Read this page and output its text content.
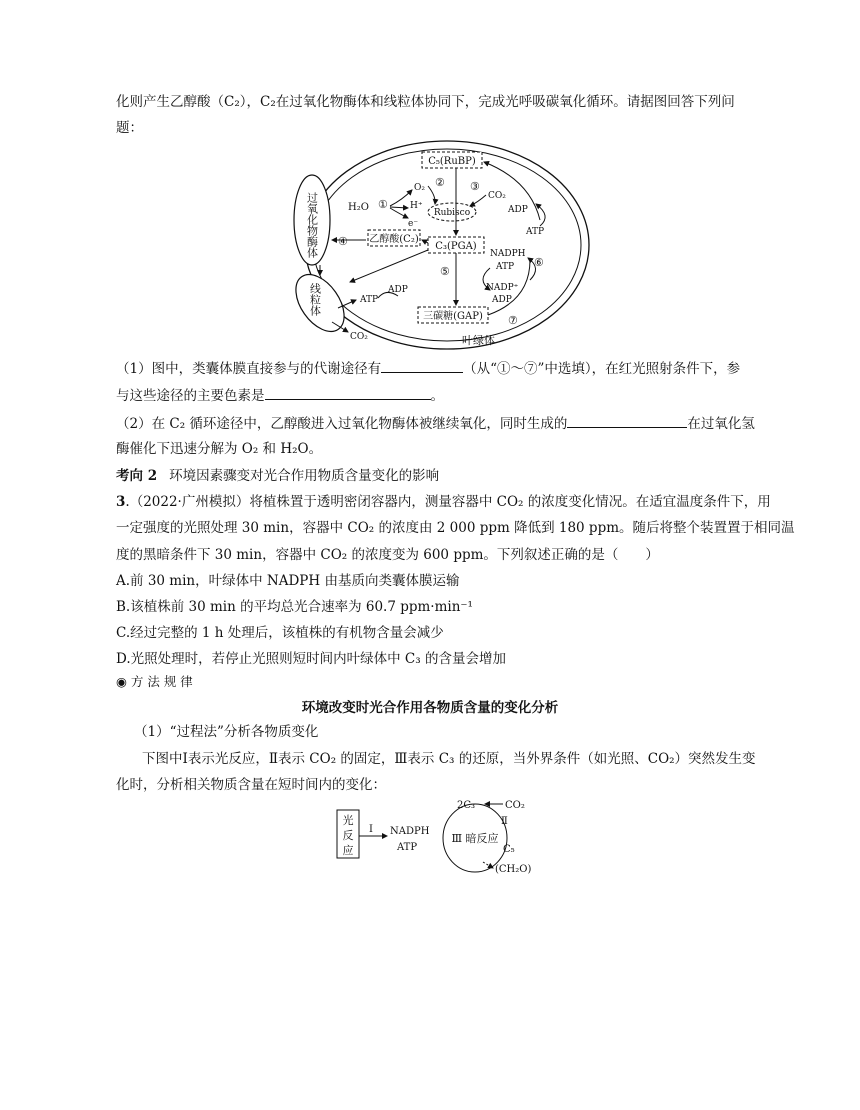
化则产生乙醇酸（C₂），C₂在过氧化物酶体和线粒体协同下，完成光呼吸碳氧化循环。请据图回答下列问
题：
过氧化物酶体
线粒体
C₅(RuBP)
Rubisco
C₃(PGA)
乙醇酸(C₂)
三碳糖(GAP)
H₂O ①
O₂
H⁺
e⁻
② ③
CO₂
⑤
ADP
ATP
NADPH
ATP ⑥
NADP⁺
ADP
⑦
④
ATP
ADP
CO₂	叶绿体
（1）图中，类囊体膜直接参与的代谢途径有	（从“①～⑦”中选填），在红光照射条件下，参
与这些途径的主要色素是	。
（2）在 C₂ 循环途径中，乙醇酸进入过氧化物酶体被继续氧化，同时生成的	在过氧化氢
酶催化下迅速分解为 O₂ 和 H₂O。
考向 2 环境因素骤变对光合作用物质含量变化的影响
3.（2022·广州模拟）将植株置于透明密闭容器内，测量容器中 CO₂ 的浓度变化情况。在适宜温度条件下，用
一定强度的光照处理 30 min，容器中 CO₂ 的浓度由 2 000 ppm 降低到 180 ppm。随后将整个装置置于相同温
度的黑暗条件下 30 min，容器中 CO₂ 的浓度变为 600 ppm。下列叙述正确的是（　　）
A.前 30 min，叶绿体中 NADPH 由基质向类囊体膜运输
B.该植株前 30 min 的平均总光合速率为 60.7 ppm·min⁻¹
C.经过完整的 1 h 处理后，该植株的有机物含量会减少
D.光照处理时，若停止光照则短时间内叶绿体中 C₃ 的含量会增加
◉ 方 法 规 律
环境改变时光合作用各物质含量的变化分析
（1）“过程法”分析各物质变化
下图中Ⅰ表示光反应，Ⅱ表示 CO₂ 的固定，Ⅲ表示 C₃ 的还原，当外界条件（如光照、CO₂）突然发生变
化时，分析相关物质含量在短时间内的变化：
光
反
应
Ⅰ NADPH
ATP
Ⅲ 暗反应
2C₃	CO₂
Ⅱ
C₅
(CH₂O)
